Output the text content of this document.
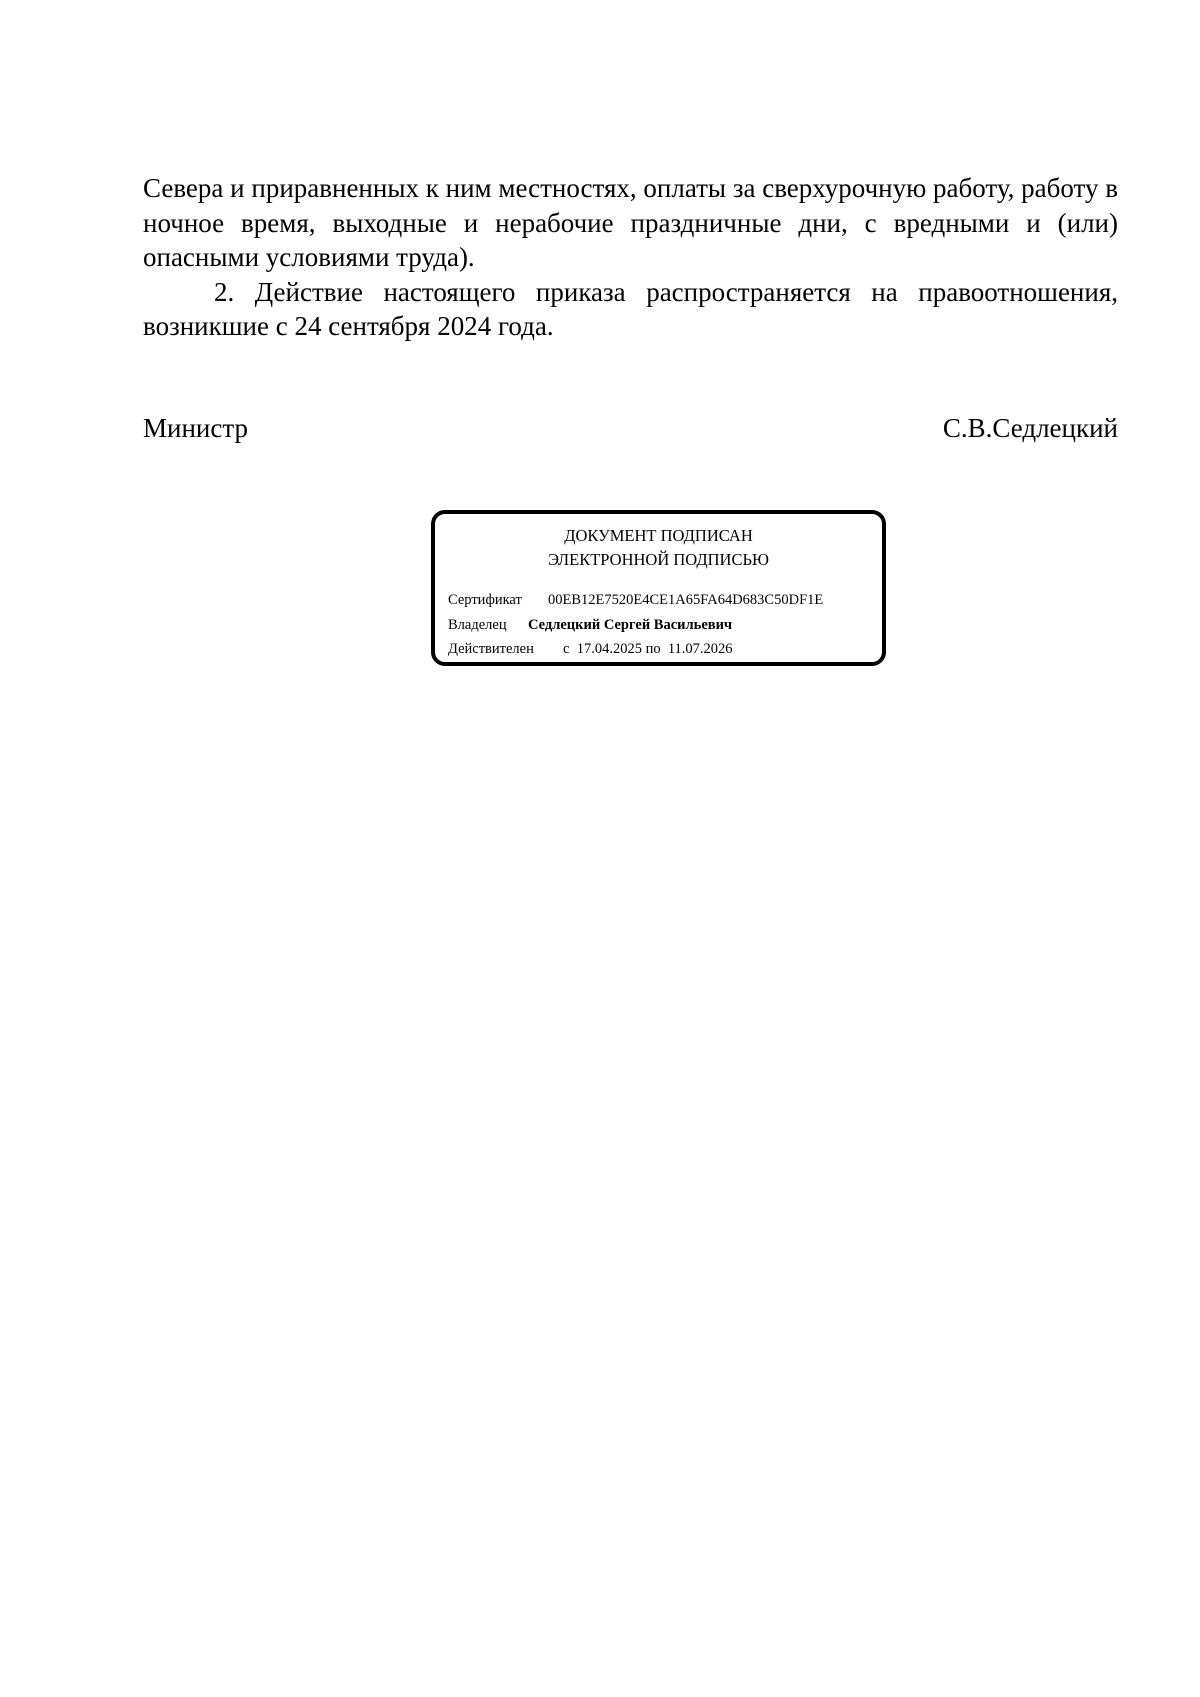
Севера и приравненных к ним местностях, оплаты за сверхурочную работу, работу в ночное время, выходные и нерабочие праздничные дни, с вредными и (или) опасными условиями труда).

2. Действие настоящего приказа распространяется на правоотношения, возникшие с 24 сентября 2024 года.

Министр	С.В.Седлецкий
ДОКУМЕНТ ПОДПИСАН
ЭЛЕКТРОННОЙ ПОДПИСЬЮ
Сертификат 00EB12E7520E4CE1A65FA64D683C50DF1E
Владелец Седлецкий Сергей Васильевич
Действителен с 17.04.2025 по 11.07.2026
